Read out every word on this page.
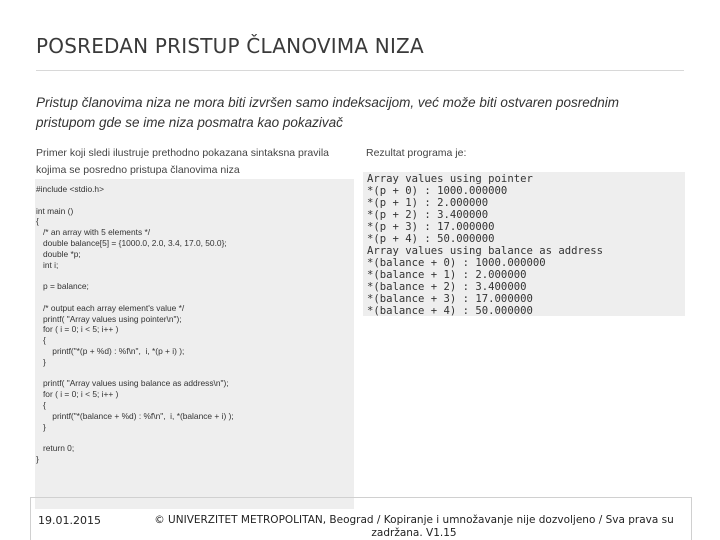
POSREDAN PRISTUP ČLANOVIMA NIZA

Pristup članovima niza ne mora biti izvršen samo indeksacijom, već može biti ostvaren posrednim pristupom gde se ime niza posmatra kao pokazivač

Primer koji sledi ilustruje prethodno pokazana sintaksna pravila kojima se posredno pristupa članovima niza

#include <stdio.h>

int main ()
{
/* an array with 5 elements */
double balance[5] = {1000.0, 2.0, 3.4, 17.0, 50.0};
double *p;
int i;

p = balance;

/* output each array element's value */
printf( "Array values using pointer\n");
for ( i = 0; i < 5; i++ )
{
printf("*(p + %d) : %f\n",  i, *(p + i) );
}

printf( "Array values using balance as address\n");
for ( i = 0; i < 5; i++ )
{
printf("*(balance + %d) : %f\n",  i, *(balance + i) );
}

return 0;
}

Rezultat programa je:

Array values using pointer
*(p + 0) : 1000.000000
*(p + 1) : 2.000000
*(p + 2) : 3.400000
*(p + 3) : 17.000000
*(p + 4) : 50.000000
Array values using balance as address
*(balance + 0) : 1000.000000
*(balance + 1) : 2.000000
*(balance + 2) : 3.400000
*(balance + 3) : 17.000000
*(balance + 4) : 50.000000
19.01.2015	© UNIVERZITET METROPOLITAN, Beograd / Kopiranje i umnožavanje nije dozvoljeno / Sva prava su zadržana. V1.15
